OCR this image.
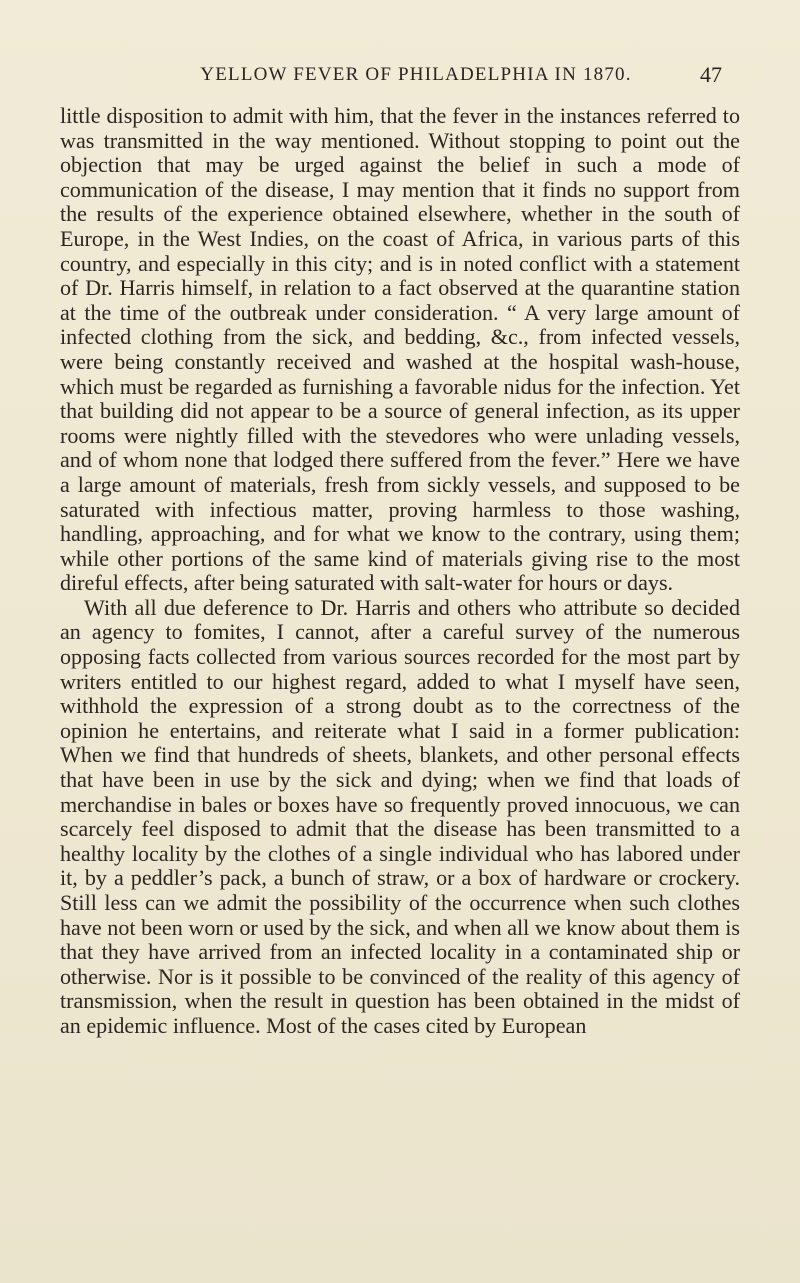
YELLOW FEVER OF PHILADELPHIA IN 1870.	47

little disposition to admit with him, that the fever in the instances referred to was transmitted in the way mentioned. Without stopping to point out the objection that may be urged against the belief in such a mode of communication of the disease, I may mention that it finds no support from the results of the experience obtained elsewhere, whether in the south of Europe, in the West Indies, on the coast of Africa, in various parts of this country, and especially in this city; and is in noted conflict with a statement of Dr. Harris himself, in relation to a fact observed at the quarantine station at the time of the outbreak under consideration. “ A very large amount of infected clothing from the sick, and bedding, &c., from infected vessels, were being constantly received and washed at the hospital wash-house, which must be regarded as furnishing a favorable nidus for the infection. Yet that building did not appear to be a source of general infection, as its upper rooms were nightly filled with the stevedores who were unlading vessels, and of whom none that lodged there suffered from the fever.” Here we have a large amount of materials, fresh from sickly vessels, and supposed to be saturated with infectious matter, proving harmless to those washing, handling, approaching, and for what we know to the contrary, using them; while other portions of the same kind of materials giving rise to the most direful effects, after being saturated with salt-water for hours or days.

With all due deference to Dr. Harris and others who attribute so decided an agency to fomites, I cannot, after a careful survey of the numerous opposing facts collected from various sources recorded for the most part by writers entitled to our highest regard, added to what I myself have seen, withhold the expression of a strong doubt as to the correctness of the opinion he entertains, and reiterate what I said in a former publication: When we find that hundreds of sheets, blankets, and other personal effects that have been in use by the sick and dying; when we find that loads of merchandise in bales or boxes have so frequently proved innocuous, we can scarcely feel disposed to admit that the disease has been transmitted to a healthy locality by the clothes of a single individual who has labored under it, by a peddler’s pack, a bunch of straw, or a box of hardware or crockery. Still less can we admit the possibility of the occurrence when such clothes have not been worn or used by the sick, and when all we know about them is that they have arrived from an infected locality in a contaminated ship or otherwise. Nor is it possible to be convinced of the reality of this agency of transmission, when the result in question has been obtained in the midst of an epidemic influence. Most of the cases cited by European
